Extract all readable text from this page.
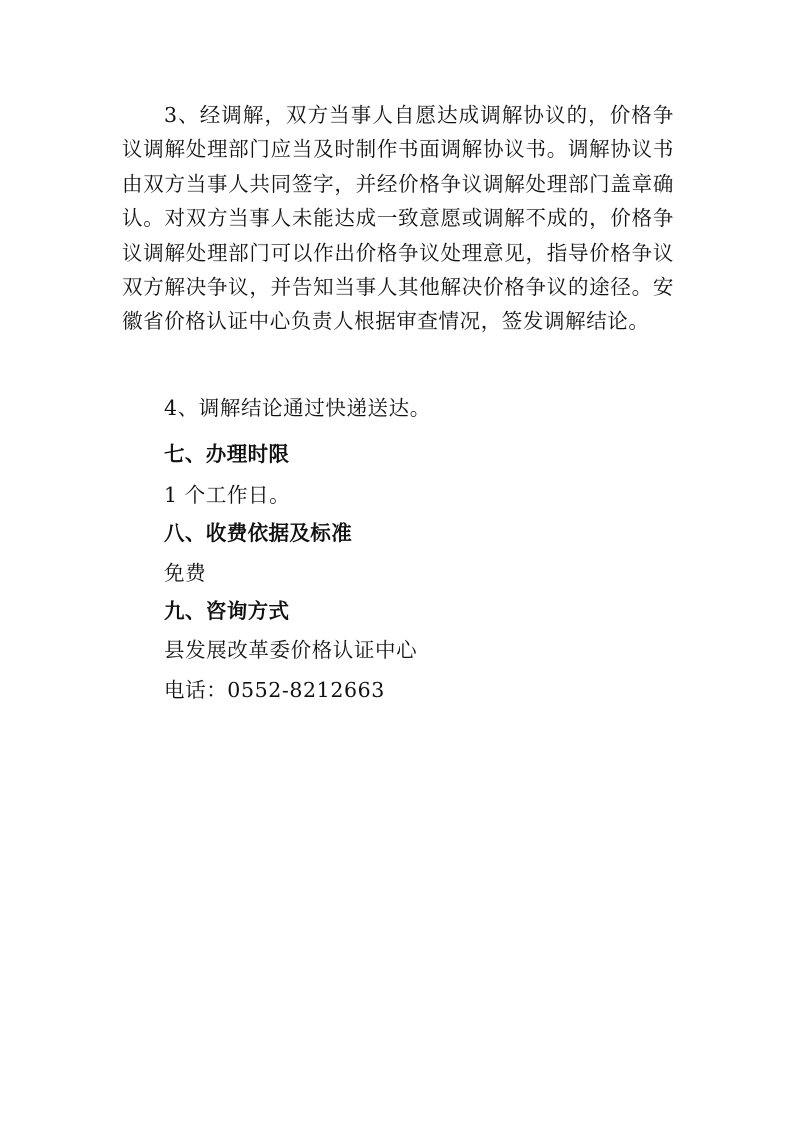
3、经调解，双方当事人自愿达成调解协议的，价格争议调解处理部门应当及时制作书面调解协议书。调解协议书由双方当事人共同签字，并经价格争议调解处理部门盖章确认。对双方当事人未能达成一致意愿或调解不成的，价格争议调解处理部门可以作出价格争议处理意见，指导价格争议双方解决争议，并告知当事人其他解决价格争议的途径。安徽省价格认证中心负责人根据审查情况，签发调解结论。

4、调解结论通过快递送达。

七、办理时限

1 个工作日。

八、收费依据及标准

免费

九、咨询方式

县发展改革委价格认证中心

电话：0552-8212663
